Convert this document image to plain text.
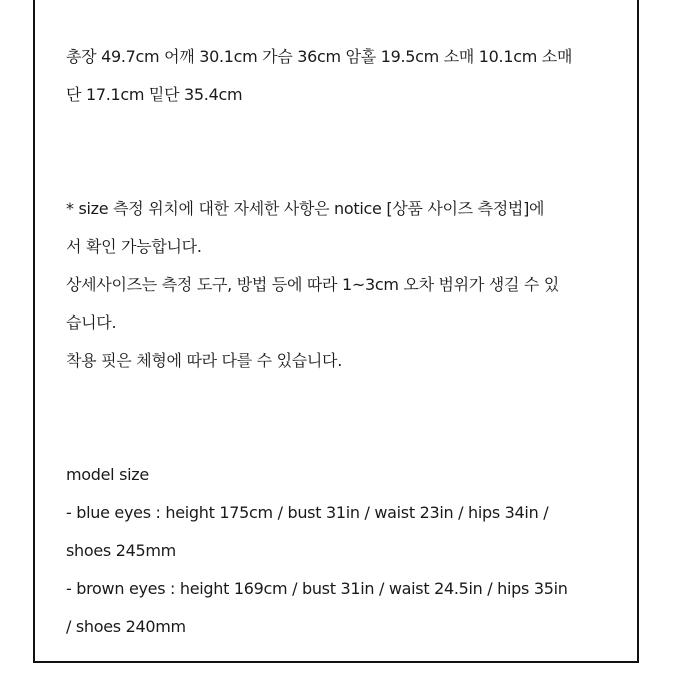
총장 49.7cm 어깨 30.1cm 가슴 36cm 암홀 19.5cm 소매 10.1cm 소매
단 17.1cm 밑단 35.4cm
* size 측정 위치에 대한 자세한 사항은 notice [상품 사이즈 측정법]에
서 확인 가능합니다.
상세사이즈는 측정 도구, 방법 등에 따라 1~3cm 오차 범위가 생길 수 있
습니다.
착용 핏은 체형에 따라 다를 수 있습니다.
model size
- blue eyes : height 175cm / bust 31in / waist 23in / hips 34in /
shoes 245mm
- brown eyes : height 169cm / bust 31in / waist 24.5in / hips 35in
/ shoes 240mm
